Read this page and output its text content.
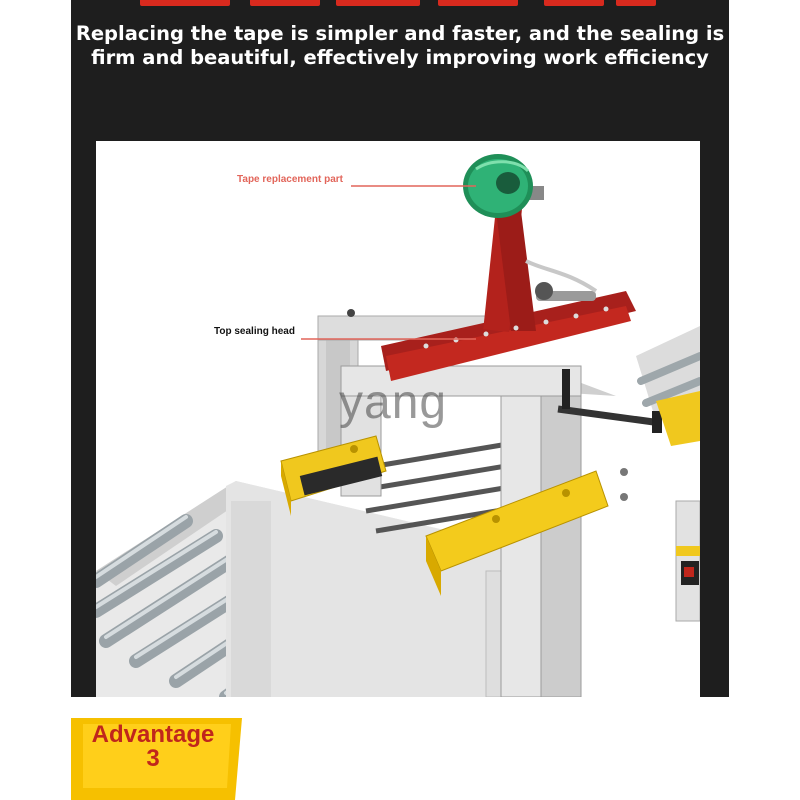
Replacing the tape is simpler and faster, and the sealing is
firm and beautiful, effectively improving work efficiency
Tape replacement part
Top sealing head
yang
Advantage
3
